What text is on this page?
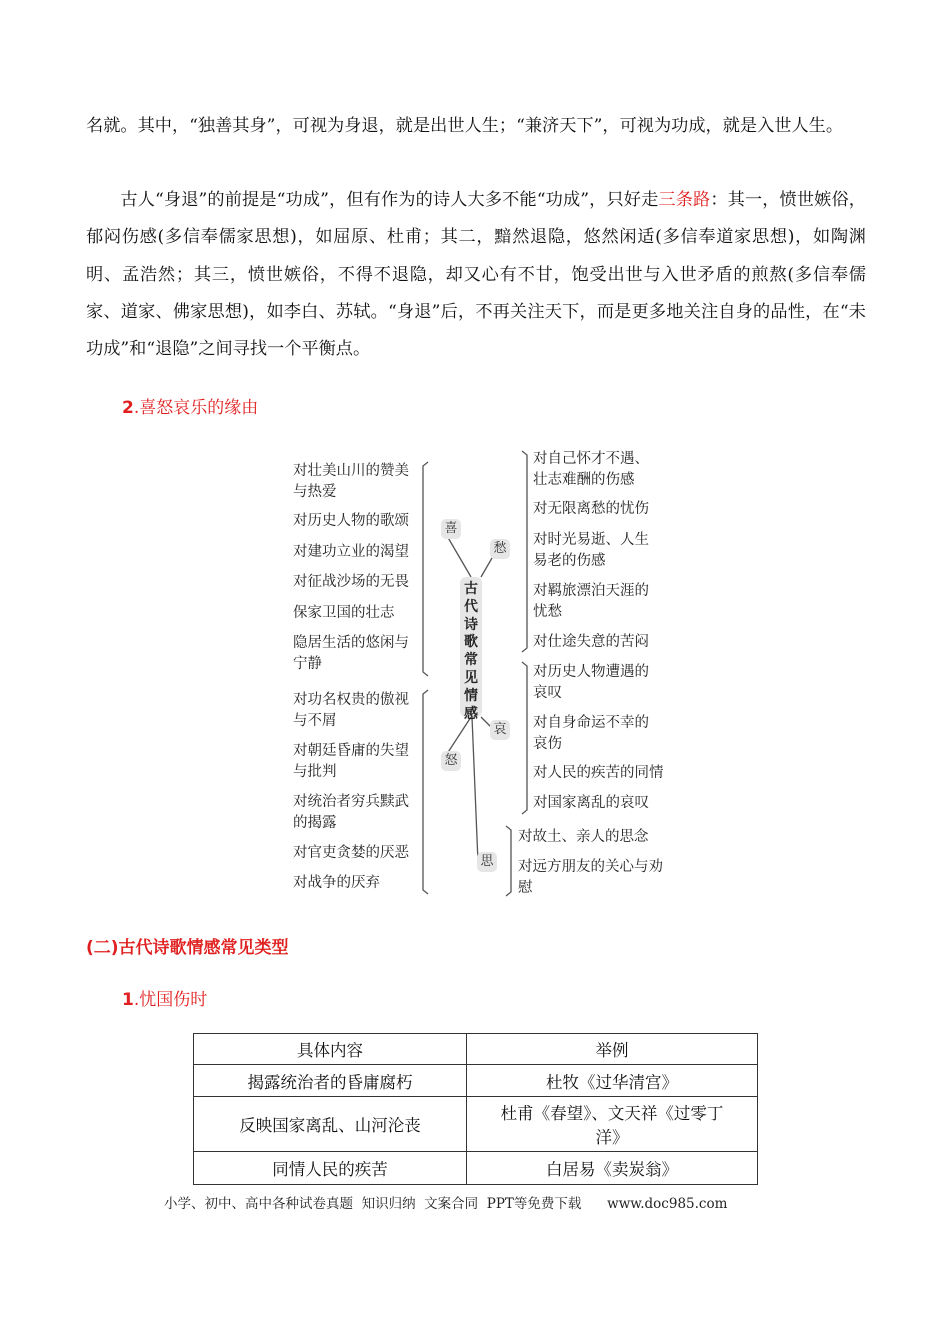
名就。其中，“独善其身”，可视为身退，就是出世人生；“兼济天下”，可视为功成，就是入世人生。

古人“身退”的前提是“功成”，但有作为的诗人大多不能“功成”，只好走三条路：其一，愤世嫉俗，郁闷伤感(多信奉儒家思想)，如屈原、杜甫；其二，黯然退隐，悠然闲适(多信奉道家思想)，如陶渊明、孟浩然；其三，愤世嫉俗，不得不退隐，却又心有不甘，饱受出世与入世矛盾的煎熬(多信奉儒家、道家、佛家思想)，如李白、苏轼。“身退”后，不再关注天下，而是更多地关注自身的品性，在“未功成”和“退隐”之间寻找一个平衡点。

2.喜怒哀乐的缘由
古代诗歌常见情感
喜
怒
愁
哀
思
对壮美山川的赞美与热爱
对历史人物的歌颂
对建功立业的渴望
对征战沙场的无畏
保家卫国的壮志
隐居生活的悠闲与宁静
对功名权贵的傲视与不屑
对朝廷昏庸的失望与批判
对统治者穷兵黩武的揭露
对官吏贪婪的厌恶
对战争的厌弃
对自己怀才不遇、壮志难酬的伤感
对无限离愁的忧伤
对时光易逝、人生易老的伤感
对羁旅漂泊天涯的忧愁
对仕途失意的苦闷
对历史人物遭遇的哀叹
对自身命运不幸的哀伤
对人民的疾苦的同情
对国家离乱的哀叹
对故土、亲人的思念
对远方朋友的关心与劝慰
(二)古代诗歌情感常见类型
1.忧国伤时
具体内容	举例
揭露统治者的昏庸腐朽	杜牧《过华清宫》
反映国家离乱、山河沦丧	杜甫《春望》、文天祥《过零丁洋》
同情人民的疾苦	白居易《卖炭翁》
小学、初中、高中各种试卷真题  知识归纳  文案合同  PPT等免费下载      www.doc985.com
